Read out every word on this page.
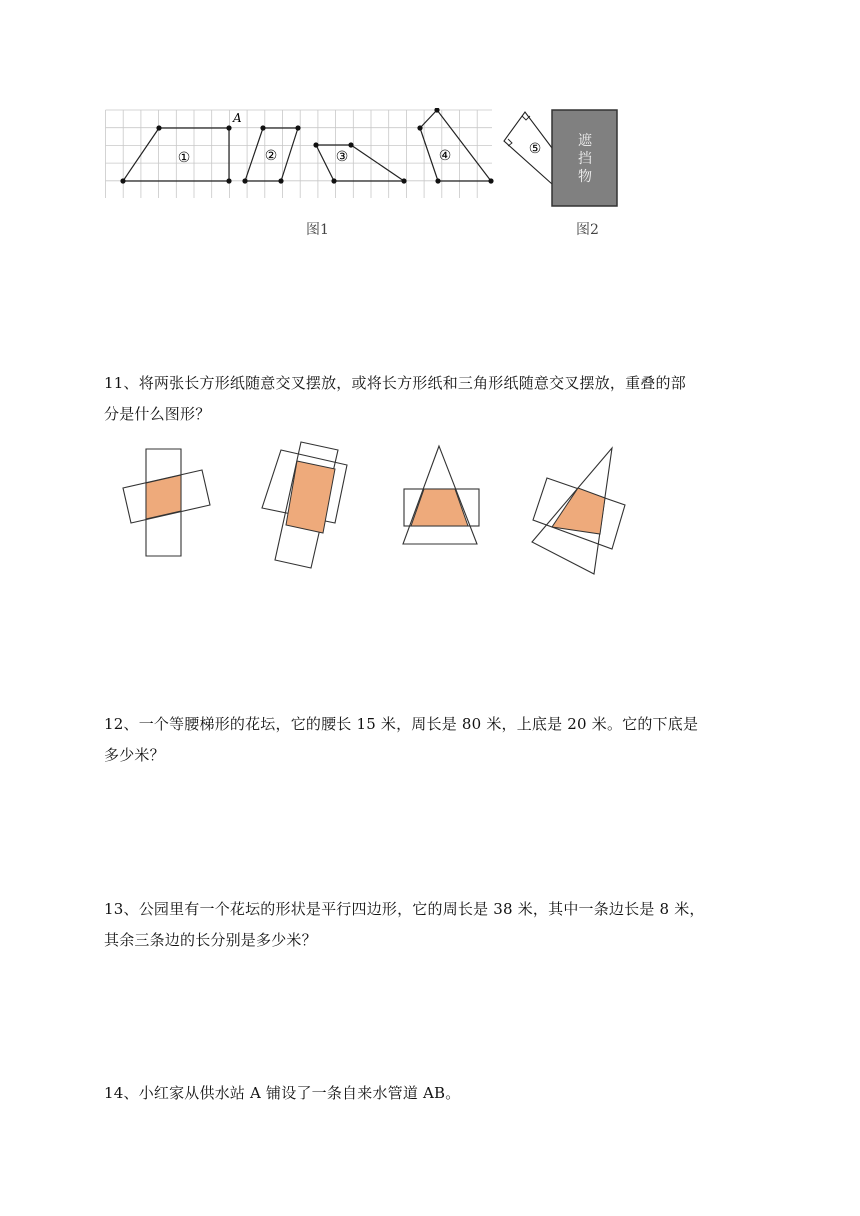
A
①	②	③	④
图1
⑤	遮
挡
物
图2
11、将两张长方形纸随意交叉摆放，或将长方形纸和三角形纸随意交叉摆放，重叠的部
分是什么图形？
12、一个等腰梯形的花坛，它的腰长 15 米，周长是 80 米，上底是 20 米。它的下底是
多少米？
13、公园里有一个花坛的形状是平行四边形，它的周长是 38 米，其中一条边长是 8 米，
其余三条边的长分别是多少米？
14、小红家从供水站 A 铺设了一条自来水管道 AB。
